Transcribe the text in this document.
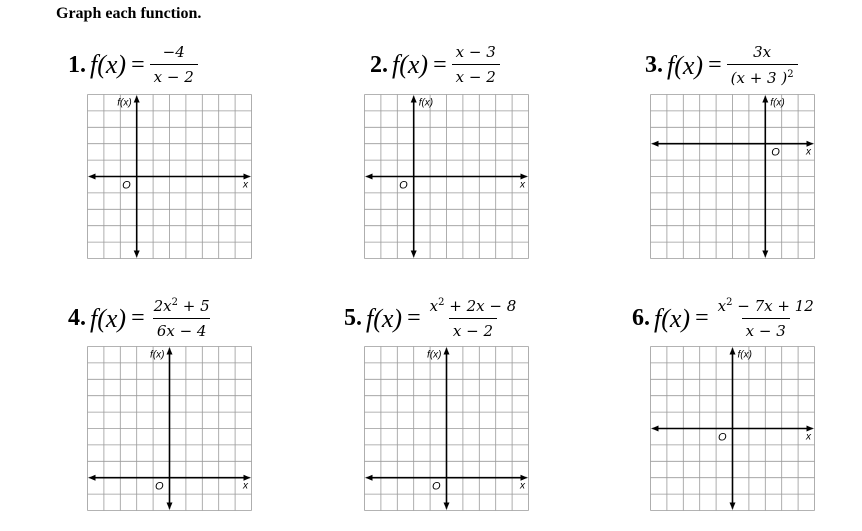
Graph each function.
1. $f(x) = \frac{-4}{x - 2}$
f(x)
x
O
2. $f(x) = \frac{x - 3}{x - 2}$
f(x)
x
O
3. $f(x) = \frac{3x}{(x + 3 )^2}$
f(x)
x
O
4. $f(x) = \frac{2x^2 + 5}{6x - 4}$
f(x)
x
O
5. $f(x) = \frac{x^2 + 2x - 8}{x - 2}$
f(x)
x
O
6. $f(x) = \frac{x^2 - 7x + 12}{x - 3}$
f(x)
x
O
